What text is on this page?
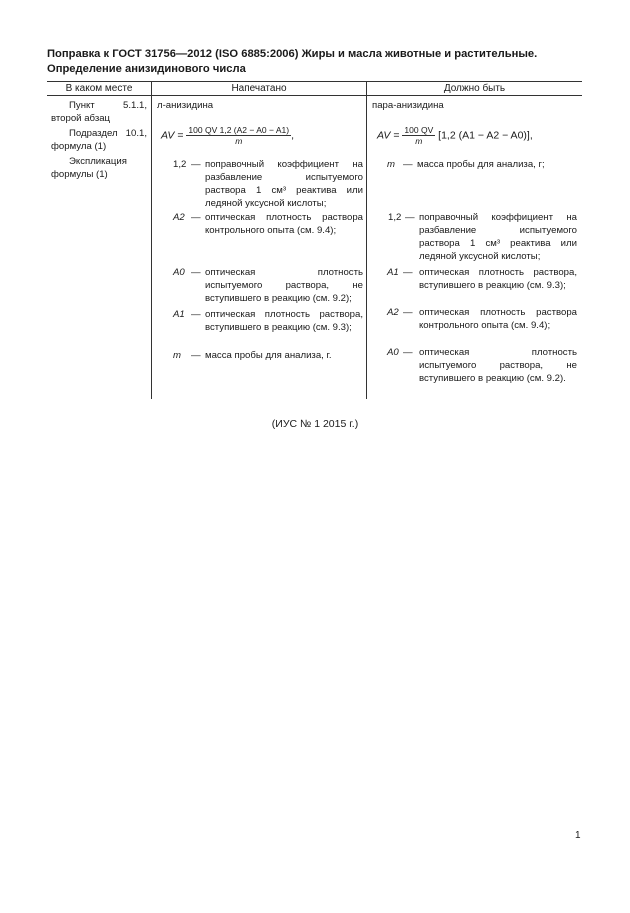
Поправка к ГОСТ 31756—2012 (ISO 6885:2006) Жиры и масла животные и растительные. Определение анизидинового числа
В каком месте	Напечатано	Должно быть
Пункт 5.1.1, второй абзац
Подраздел 10.1, формула (1)
Экспликация формулы (1)
л-анизидина
AV = $\frac{100 QV 1,2 (A2 - A0 - A1)}{m}$ ,
1,2 — поправочный коэффициент на разбавление испытуемого раствора 1 см³ реактива или ледяной уксусной кислоты;
A2 — оптическая плотность раствора контрольного опыта (см. 9.4);
A0 — оптическая плотность испытуемого раствора, не вступившего в реакцию (см. 9.2);
A1 — оптическая плотность раствора, вступившего в реакцию (см. 9.3);
m — масса пробы для анализа, г.
пара-анизидина
AV = $\frac{100 QV}{m} [1,2$ (A1 − A2 − A0)],
m — масса пробы для анализа, г;
1,2 — поправочный коэффициент на разбавление испытуемого раствора 1 см³ реактива или ледяной уксусной кислоты;
A1 — оптическая плотность раствора, вступившего в реакцию (см. 9.3);
A2 — оптическая плотность раствора контрольного опыта (см. 9.4);
A0 — оптическая плотность испытуемого раствора, не вступившего в реакцию (см. 9.2).
(ИУС № 1 2015 г.)
1
